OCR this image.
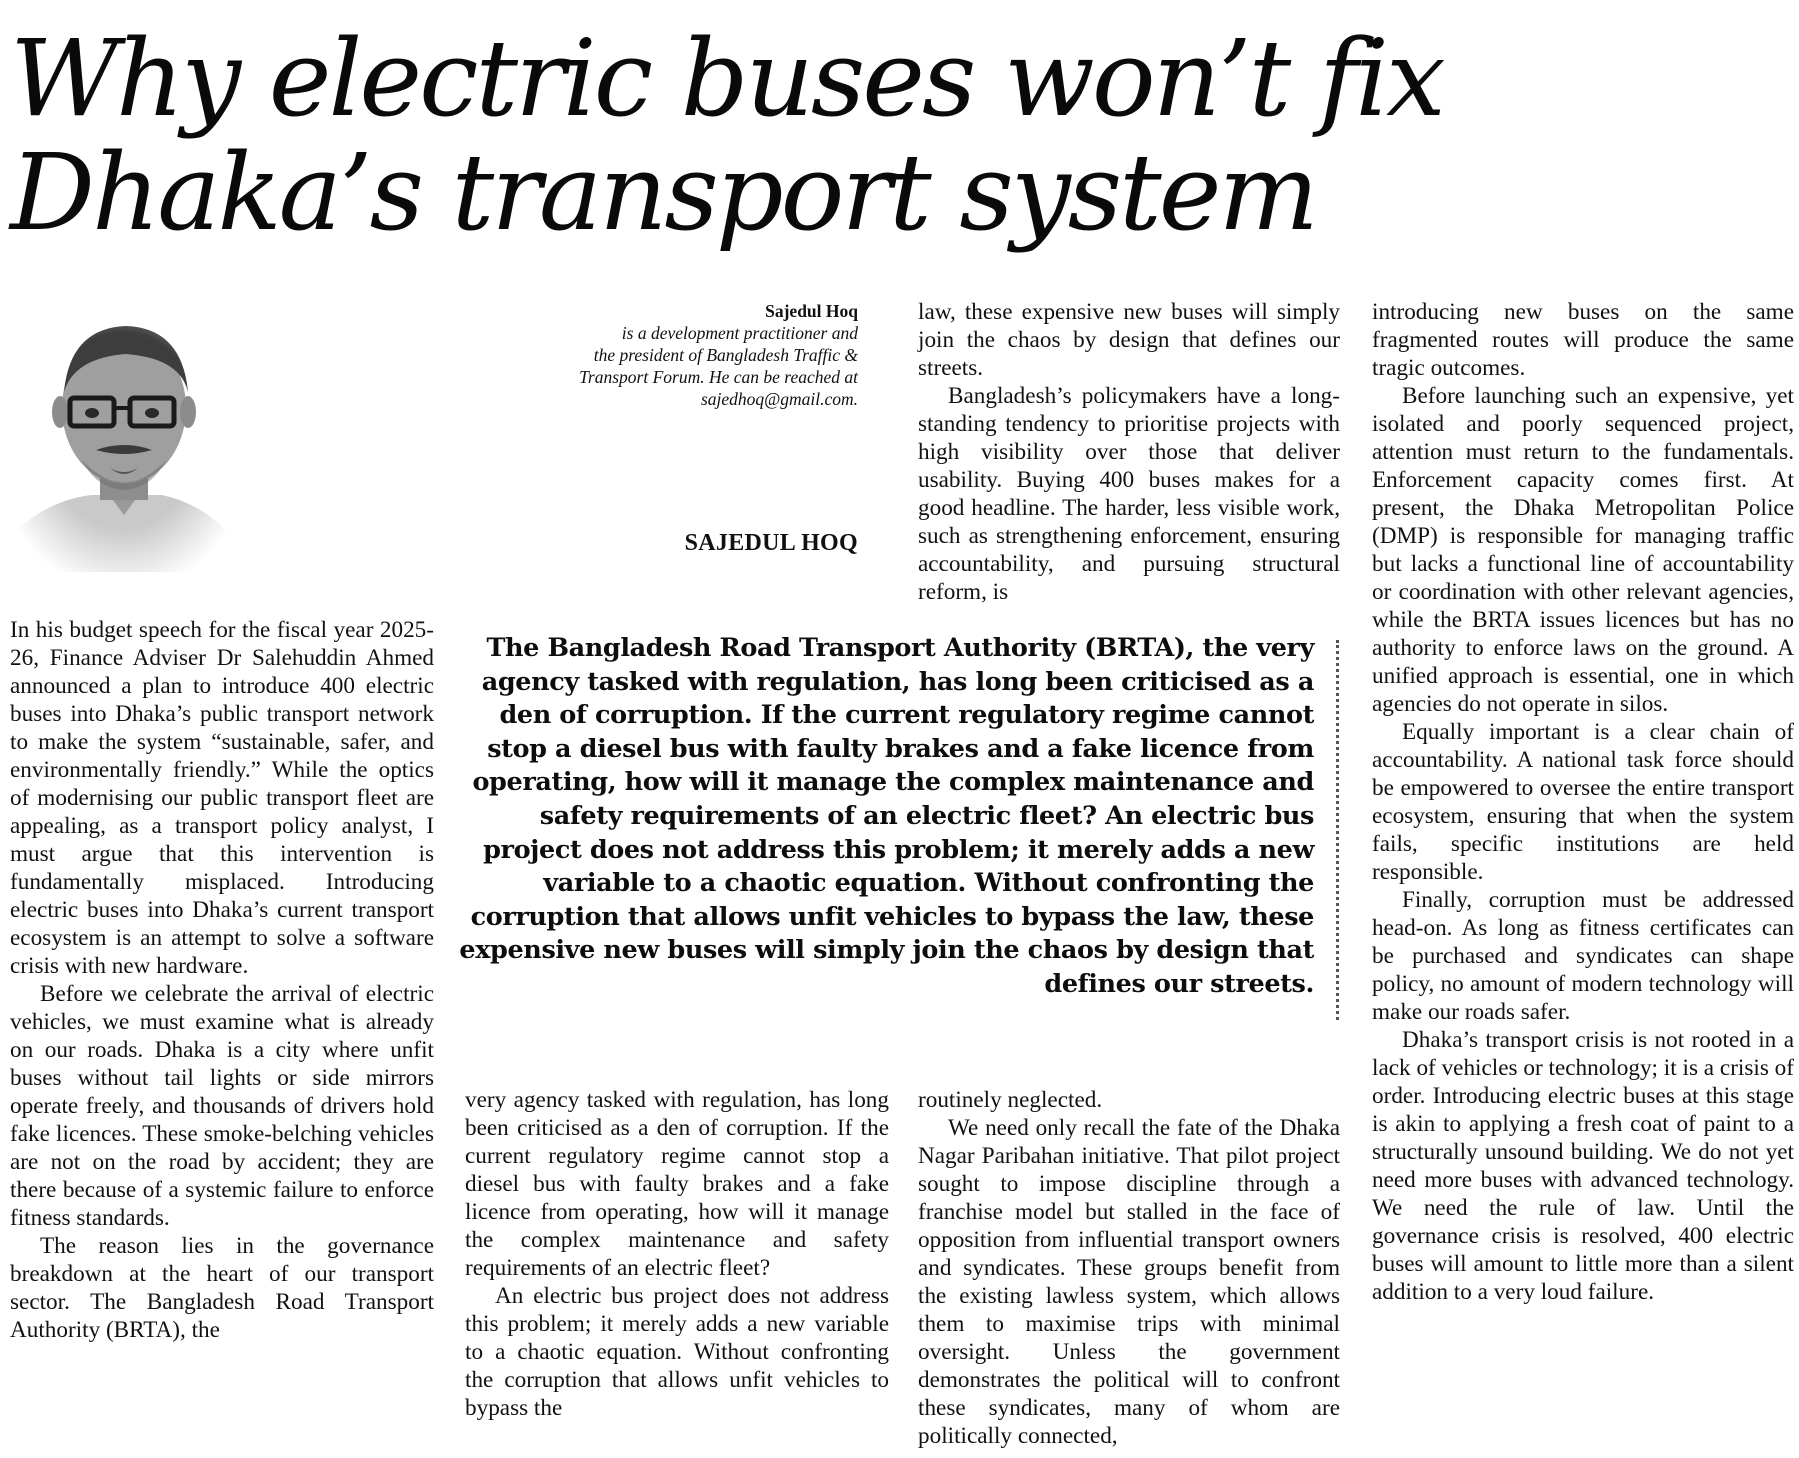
Why electric buses won’t fix
Dhaka’s transport system
Sajedul Hoq
is a development practitioner and
the president of Bangladesh Traffic &
Transport Forum. He can be reached at
sajedhoq@gmail.com.
SAJEDUL HOQ

In his budget speech for the fiscal year 2025-26, Finance Adviser Dr Salehuddin Ahmed announced a plan to introduce 400 electric buses into Dhaka’s public transport network to make the system “sustainable, safer, and environmentally friendly.” While the optics of modernising our public transport fleet are appealing, as a transport policy analyst, I must argue that this intervention is fundamentally misplaced. Introducing electric buses into Dhaka’s current transport ecosystem is an attempt to solve a software crisis with new hardware.

Before we celebrate the arrival of electric vehicles, we must examine what is already on our roads. Dhaka is a city where unfit buses without tail lights or side mirrors operate freely, and thousands of drivers hold fake licences. These smoke-belching vehicles are not on the road by accident; they are there because of a systemic failure to enforce fitness standards.

The reason lies in the governance breakdown at the heart of our transport sector. The Bangladesh Road Transport Authority (BRTA), the

law, these expensive new buses will simply join the chaos by design that defines our streets.

Bangladesh’s policymakers have a long-standing tendency to prioritise projects with high visibility over those that deliver usability. Buying 400 buses makes for a good headline. The harder, less visible work, such as strengthening enforcement, ensuring accountability, and pursuing structural reform, is

The Bangladesh Road Transport Authority (BRTA), the very agency tasked with regulation, has long been criticised as a den of corruption. If the current regulatory regime cannot stop a diesel bus with faulty brakes and a fake licence from operating, how will it manage the complex maintenance and safety requirements of an electric fleet? An electric bus project does not address this problem; it merely adds a new variable to a chaotic equation. Without confronting the corruption that allows unfit vehicles to bypass the law, these expensive new buses will simply join the chaos by design that defines our streets.

very agency tasked with regulation, has long been criticised as a den of corruption. If the current regulatory regime cannot stop a diesel bus with faulty brakes and a fake licence from operating, how will it manage the complex maintenance and safety requirements of an electric fleet?

An electric bus project does not address this problem; it merely adds a new variable to a chaotic equation. Without confronting the corruption that allows unfit vehicles to bypass the

routinely neglected.

We need only recall the fate of the Dhaka Nagar Paribahan initiative. That pilot project sought to impose discipline through a franchise model but stalled in the face of opposition from influential transport owners and syndicates. These groups benefit from the existing lawless system, which allows them to maximise trips with minimal oversight. Unless the government demonstrates the political will to confront these syndicates, many of whom are politically connected,

introducing new buses on the same fragmented routes will produce the same tragic outcomes.

Before launching such an expensive, yet isolated and poorly sequenced project, attention must return to the fundamentals. Enforcement capacity comes first. At present, the Dhaka Metropolitan Police (DMP) is responsible for managing traffic but lacks a functional line of accountability or coordination with other relevant agencies, while the BRTA issues licences but has no authority to enforce laws on the ground. A unified approach is essential, one in which agencies do not operate in silos.

Equally important is a clear chain of accountability. A national task force should be empowered to oversee the entire transport ecosystem, ensuring that when the system fails, specific institutions are held responsible.

Finally, corruption must be addressed head-on. As long as fitness certificates can be purchased and syndicates can shape policy, no amount of modern technology will make our roads safer.

Dhaka’s transport crisis is not rooted in a lack of vehicles or technology; it is a crisis of order. Introducing electric buses at this stage is akin to applying a fresh coat of paint to a structurally unsound building. We do not yet need more buses with advanced technology. We need the rule of law. Until the governance crisis is resolved, 400 electric buses will amount to little more than a silent addition to a very loud failure.
